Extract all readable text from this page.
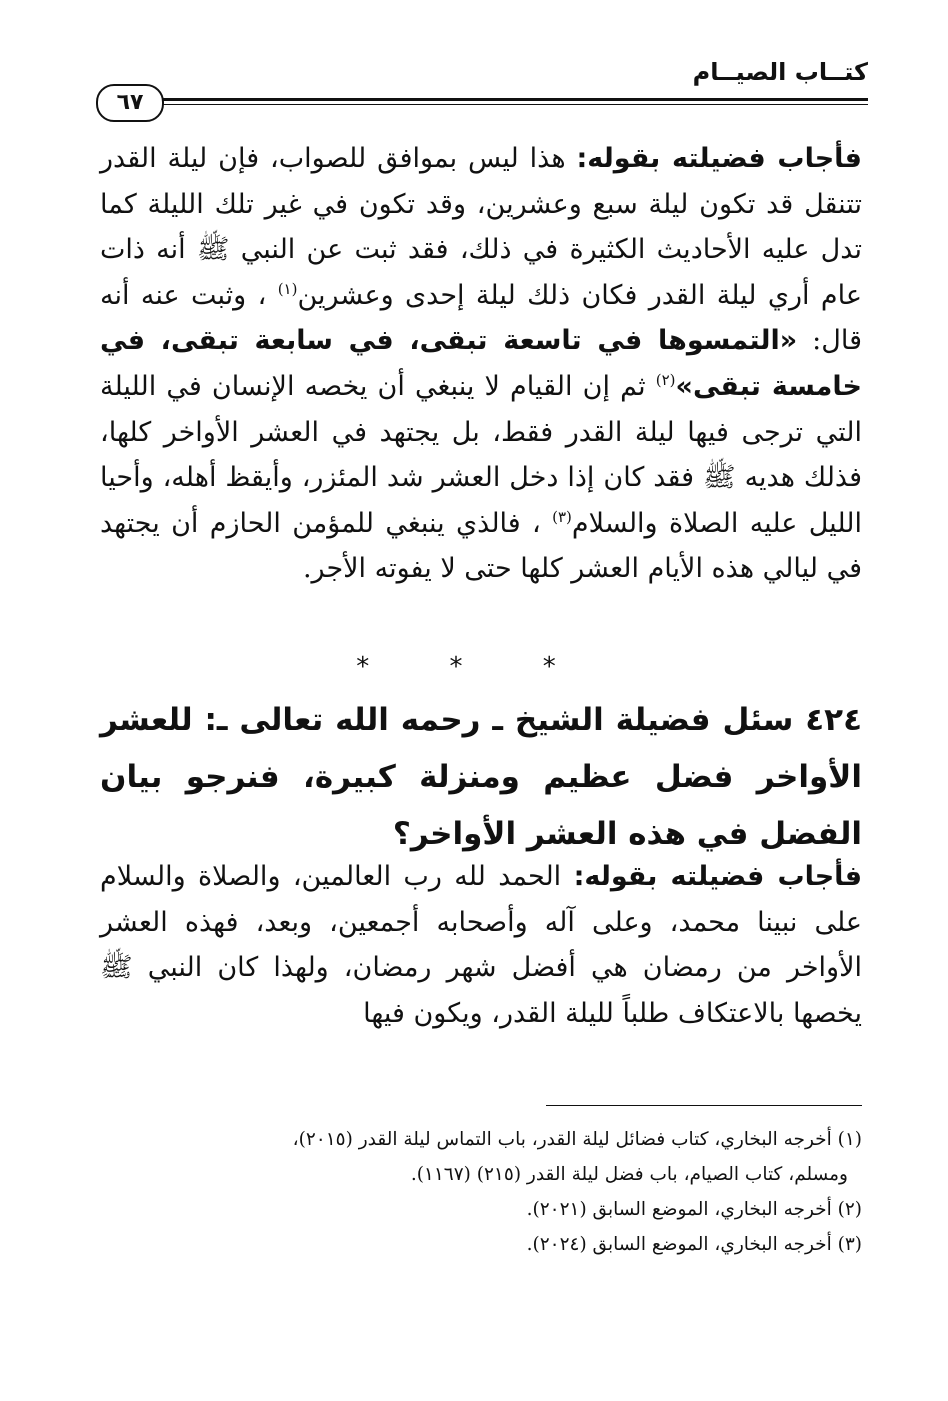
كتــاب الصيــام
٦٧
فأجاب فضيلته بقوله: هذا ليس بموافق للصواب، فإن ليلة القدر تتنقل قد تكون ليلة سبع وعشرين، وقد تكون في غير تلك الليلة كما تدل عليه الأحاديث الكثيرة في ذلك، فقد ثبت عن النبي ﷺ أنه ذات عام أري ليلة القدر فكان ذلك ليلة إحدى وعشرين$^{(١)}$ ، وثبت عنه أنه قال: «التمسوها في تاسعة تبقى، في سابعة تبقى، في خامسة تبقى»$^{(٢)}$ ثم إن القيام لا ينبغي أن يخصه الإنسان في الليلة التي ترجى فيها ليلة القدر فقط، بل يجتهد في العشر الأواخر كلها، فذلك هديه ﷺ فقد كان إذا دخل العشر شد المئزر، وأيقظ أهله، وأحيا الليل عليه الصلاة والسلام$^{(٣)}$ ، فالذي ينبغي للمؤمن الحازم أن يجتهد في ليالي هذه الأيام العشر كلها حتى لا يفوته الأجر.
* * *
٤٢٤ سئل فضيلة الشيخ ـ رحمه الله تعالى ـ: للعشر الأواخر فضل عظيم ومنزلة كبيرة، فنرجو بيان الفضل في هذه العشر الأواخر؟
فأجاب فضيلته بقوله: الحمد لله رب العالمين، والصلاة والسلام على نبينا محمد، وعلى آله وأصحابه أجمعين، وبعد، فهذه العشر الأواخر من رمضان هي أفضل شهر رمضان، ولهذا كان النبي ﷺ يخصها بالاعتكاف طلباً لليلة القدر، ويكون فيها

(١) أخرجه البخاري، كتاب فضائل ليلة القدر، باب التماس ليلة القدر (٢٠١٥)،
ومسلم، كتاب الصيام، باب فضل ليلة القدر (٢١٥) (١١٦٧).

(٢) أخرجه البخاري، الموضع السابق (٢٠٢١).

(٣) أخرجه البخاري، الموضع السابق (٢٠٢٤).
